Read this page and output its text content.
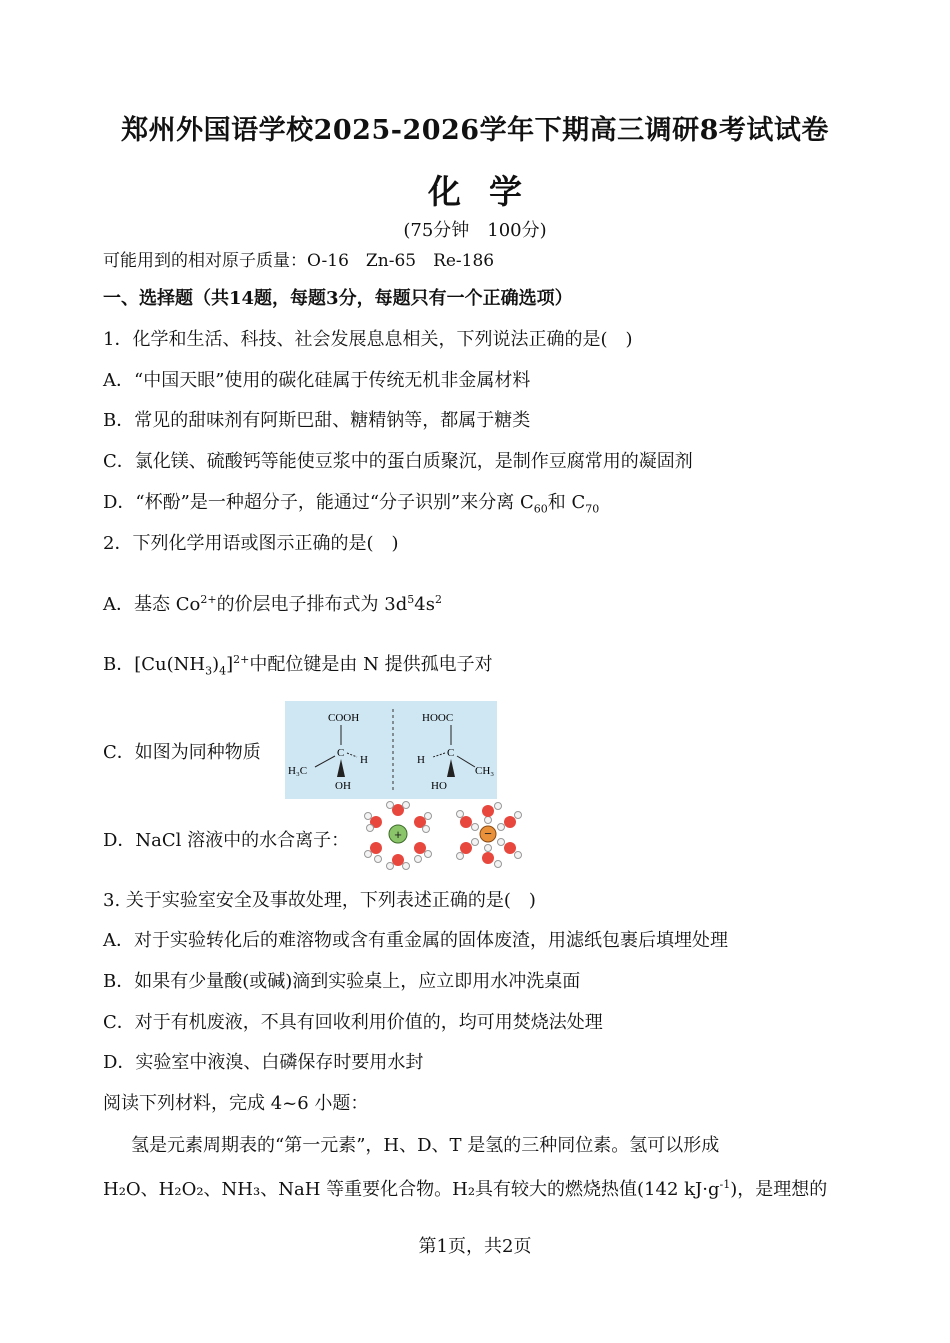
郑州外国语学校2025-2026学年下期高三调研8考试试卷
化学
(75分钟　100分)
可能用到的相对原子质量：O-16　Zn-65　Re-186
一、选择题（共14题，每题3分，每题只有一个正确选项）
1．化学和生活、科技、社会发展息息相关，下列说法正确的是(　)
A．“中国天眼”使用的碳化硅属于传统无机非金属材料
B．常见的甜味剂有阿斯巴甜、糖精钠等，都属于糖类
C．氯化镁、硫酸钙等能使豆浆中的蛋白质聚沉，是制作豆腐常用的凝固剂
D．“杯酚”是一种超分子，能通过“分子识别”来分离 $C_{60}$和 $C_{70}$
2．下列化学用语或图示正确的是(　)
A．基态 $Co^{2+}$的价层电子排布式为 $3d^54s^2$
B．$[Cu(NH_3)_4]^{2+}$中配位键是由 N 提供孤电子对
C．如图为同种物质
COOH
C
H
H₃C
OH
HOOC
C
H
CH₃
HO
D．NaCl 溶液中的水合离子：	+	−
3. 关于实验室安全及事故处理，下列表述正确的是(　)
A．对于实验转化后的难溶物或含有重金属的固体废渣，用滤纸包裹后填埋处理
B．如果有少量酸(或碱)滴到实验桌上，应立即用水冲洗桌面
C．对于有机废液，不具有回收利用价值的，均可用焚烧法处理
D．实验室中液溴、白磷保存时要用水封
阅读下列材料，完成 4~6 小题：
氢是元素周期表的“第一元素”，H、D、T 是氢的三种同位素。氢可以形成
H₂O、H₂O₂、NH₃、NaH 等重要化合物。H₂具有较大的燃烧热值(142 $kJ\cdot g^{-1}$)，是理想的
第1页，共2页
